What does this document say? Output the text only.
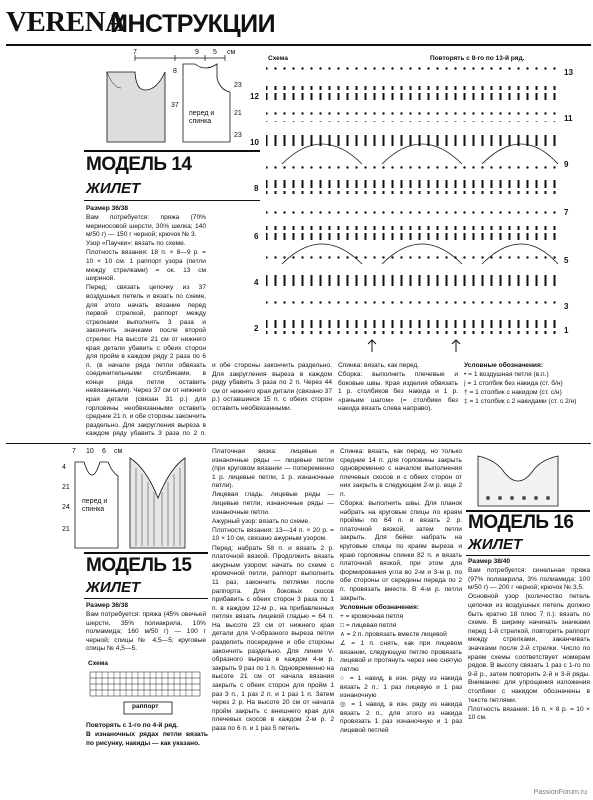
VERENA
ИНСТРУКЦИИ
7	9 5 см
8
37
23
21
23
перед и спинка
МОДЕЛЬ 14
ЖИЛЕТ

Размер 36/38

Вам потребуется: пряжа (70% мериносовой шерсти, 30% шелка; 140 м/50 г) — 150 г черной; крючок № 3.

Узор «Паучки»: вязать по схеме.

Плотность вязания: 18 п. × 8—9 р. = 10 × 10 см. 1 раппорт узора (петли между стрелками) = ок. 13 см шириной.

Перед: связать цепочку из 37 воздушных петель и вязать по схеме, для этого начать вязание перед первой стрелкой, раппорт между стрелками выполнить 3 раза и закончить значками после второй стрелки. На высоте 21 см от нижнего края детали убавить с обеих сторон для пройм в каждом ряду 2 раза по 6 п. (в начале ряда петли обвязать соединительными столбиками, в конце ряда петли оставить невязанными). Через 37 см от нижнего края детали (связан 31 р.) для горловины необвязанными оставить средние 21 п. и обе стороны закончить раздельно. Для закругления выреза в каждом ряду убавить 3 раза по 2 п.

Схема	Повторять с 8-го по 13-й ряд.
12
10
8
6
4
2
13
11
9
7
5
3
1

и обе стороны закончить раздельно. Для закругления выреза в каждом ряду убавить 3 раза по 2 п. Через 44 см от нижнего края детали (связано 37 р.) оставшиеся 15 п. с обеих сторон оставить необвязанными.

Спинка: вязать, как перед.

Сборка: выполнить плечевые и боковые швы. Края изделия обвязать 1 р. столбиков без накида и 1 р. «рачьим шагом» (= столбики без накида вязать слева направо).

Условные обозначения:

• = 1 воздушная петля (в.п.)

| = 1 столбик без накида (ст. б/н)

† = 1 столбик с накидом (ст. с/н)

‡ = 1 столбик с 2 накидами (ст. с 2/н)

7 10 6 см
4
21
24
21
перед и спинка
МОДЕЛЬ 15
ЖИЛЕТ

Размер 36/38

Вам потребуется: пряжа (45% овечьей шерсти, 35% полиакрила, 10% полиамида; 160 м/50 г) — 100 г черной; спицы № 4,5—5; круговые спицы № 4,5—5.

Схема
раппорт

Повторять с 1-го по 4-й ряд.

В изнаночных рядах петли вязать по рисунку, накиды — как указано.

Платочная вязка: лицевые и изнаночные ряды — лицевые петли (при круговом вязании — попеременно 1 р. лицевые петли, 1 р. изнаночные петли).

Лицевая гладь: лицевые ряды — лицевые петли, изнаночные ряды — изнаночные петли.

Ажурный узор: вязать по схеме.

Плотность вязания: 13—14 п. × 20 р. = 10 × 10 см, связано ажурным узором.

Перед: набрать 58 п. и вязать 2 р. платочной вязкой. Продолжить вязать ажурным узором: начать по схеме с кромочной петли, раппорт выполнить 11 раз, закончить петлями после раппорта. Для боковых скосов прибавить с обеих сторон 3 раза по 1 п. в каждом 12-м р., на прибавленных петлях вязать лицевой гладью = 64 п. На высоте 23 см от нижнего края детали для V-образного выреза петли разделить посередине и обе стороны закончить раздельно. Для линии V-образного выреза в каждом 4-м р. закрыть 9 раз по 1 п. Одновременно на высоте 21 см от начала вязания закрыть с обеих сторон для пройм 1 раз 3 п., 1 раз 2 п. и 1 раз 1 п. Затем через 2 р. На высоте 20 см от начала пройм закрыть с внешнего края для плечевых скосов в каждом 2-м р. 2 раза по 6 п. и 1 раз 5 петель.

Спинка: вязать, как перед, но только средние 14 п. для горловины закрыть одновременно с началом выполнения плечевых скосов и с обеих сторон от них закрыть в следующем 2-м р. еще 2 п.

Сборка: выполнить швы. Для планок набрать на круговые спицы по краям проймы по 64 п. и вязать 2 р. платочной вязкой, затем петли закрыть. Для бейки набрать на круговые спицы по краям выреза и краю горловины спинки 82 п. и вязать платочной вязкой, при этом для формирования угла во 2-м и 3-м р. по обе стороны от середины переда по 2 п. провязать вместе. В 4-м р. петли закрыть.

Условные обозначения:

+ = кромочная петля

□ = лицевая петля

∧ = 2 п. провязать вместе лицевой

∠ = 1 п. снять, как при лицевом вязании, следующую петлю провязать лицевой и протянуть через нее снятую петлю

○ = 1 накид, в изн. ряду из накида вязать 2 п.: 1 раз лицевую и 1 раз изнаночную

◎ = 1 накид, в изн. ряду из накида вязать 2 п., для этого из накида провязать 1 раз изнаночную и 1 раз лицевой петлей

МОДЕЛЬ 16
ЖИЛЕТ

Размер 38/40

Вам потребуется: синельная пряжа (97% полиакрила, 3% полиамида; 100 м/50 г) — 200 г черной; крючок № 3,5.

Основной узор (количество петель цепочки из воздушных петель должно быть кратно 18 плюс 7 п.): вязать по схеме. В ширину начинать значками перед 1-й стрелкой, повторить раппорт между стрелками, заканчивать значками после 2-й стрелки. Число по краям схемы соответствует номерам рядов. В высоту связать 1 раз с 1-го по 9-й р., затем повторить 2-й и 3-й ряды. Внимание: для упрощения изложения столбики с накидом обозначены в тексте петлями.

Плотность вязания: 16 п. × 8 р. = 10 × 10 см.

PassionForum.ru
